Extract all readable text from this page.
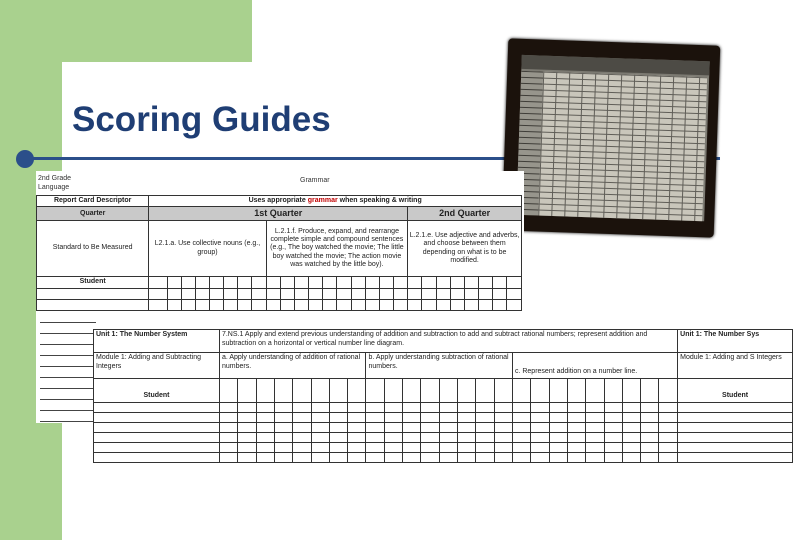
Scoring Guides
2nd Grade
Language
Grammar
Report Card Descriptor	Uses appropriate grammar when speaking & writing																									
Quarter	1st Quarter																		2nd Quarter							
Standard to Be Measured	L2.1.a. Use collective nouns (e.g., group)								L.2.1.f. Produce, expand, and rearrange complete simple and compound sentences (e.g., The boy watched the movie; The little boy watched the movie; The action movie was watched by the little boy).										L.2.1.e. Use adjective and adverbs, and choose between them depending on what is to be modified.							
Student																										

Unit 1: The Number System	7.NS.1 Apply and extend previous understanding of addition and subtraction to add and subtract rational numbers; represent addition and subtraction on a horizontal or vertical number line diagram.																									Unit 1: The Number Sys
Module 1: Adding and Subtracting Integers	a. Apply understanding of addition of rational numbers.								b. Apply understanding subtraction of rational numbers.								c. Represent addition on a number line.									Module 1: Adding and S Integers
Student																										Student
